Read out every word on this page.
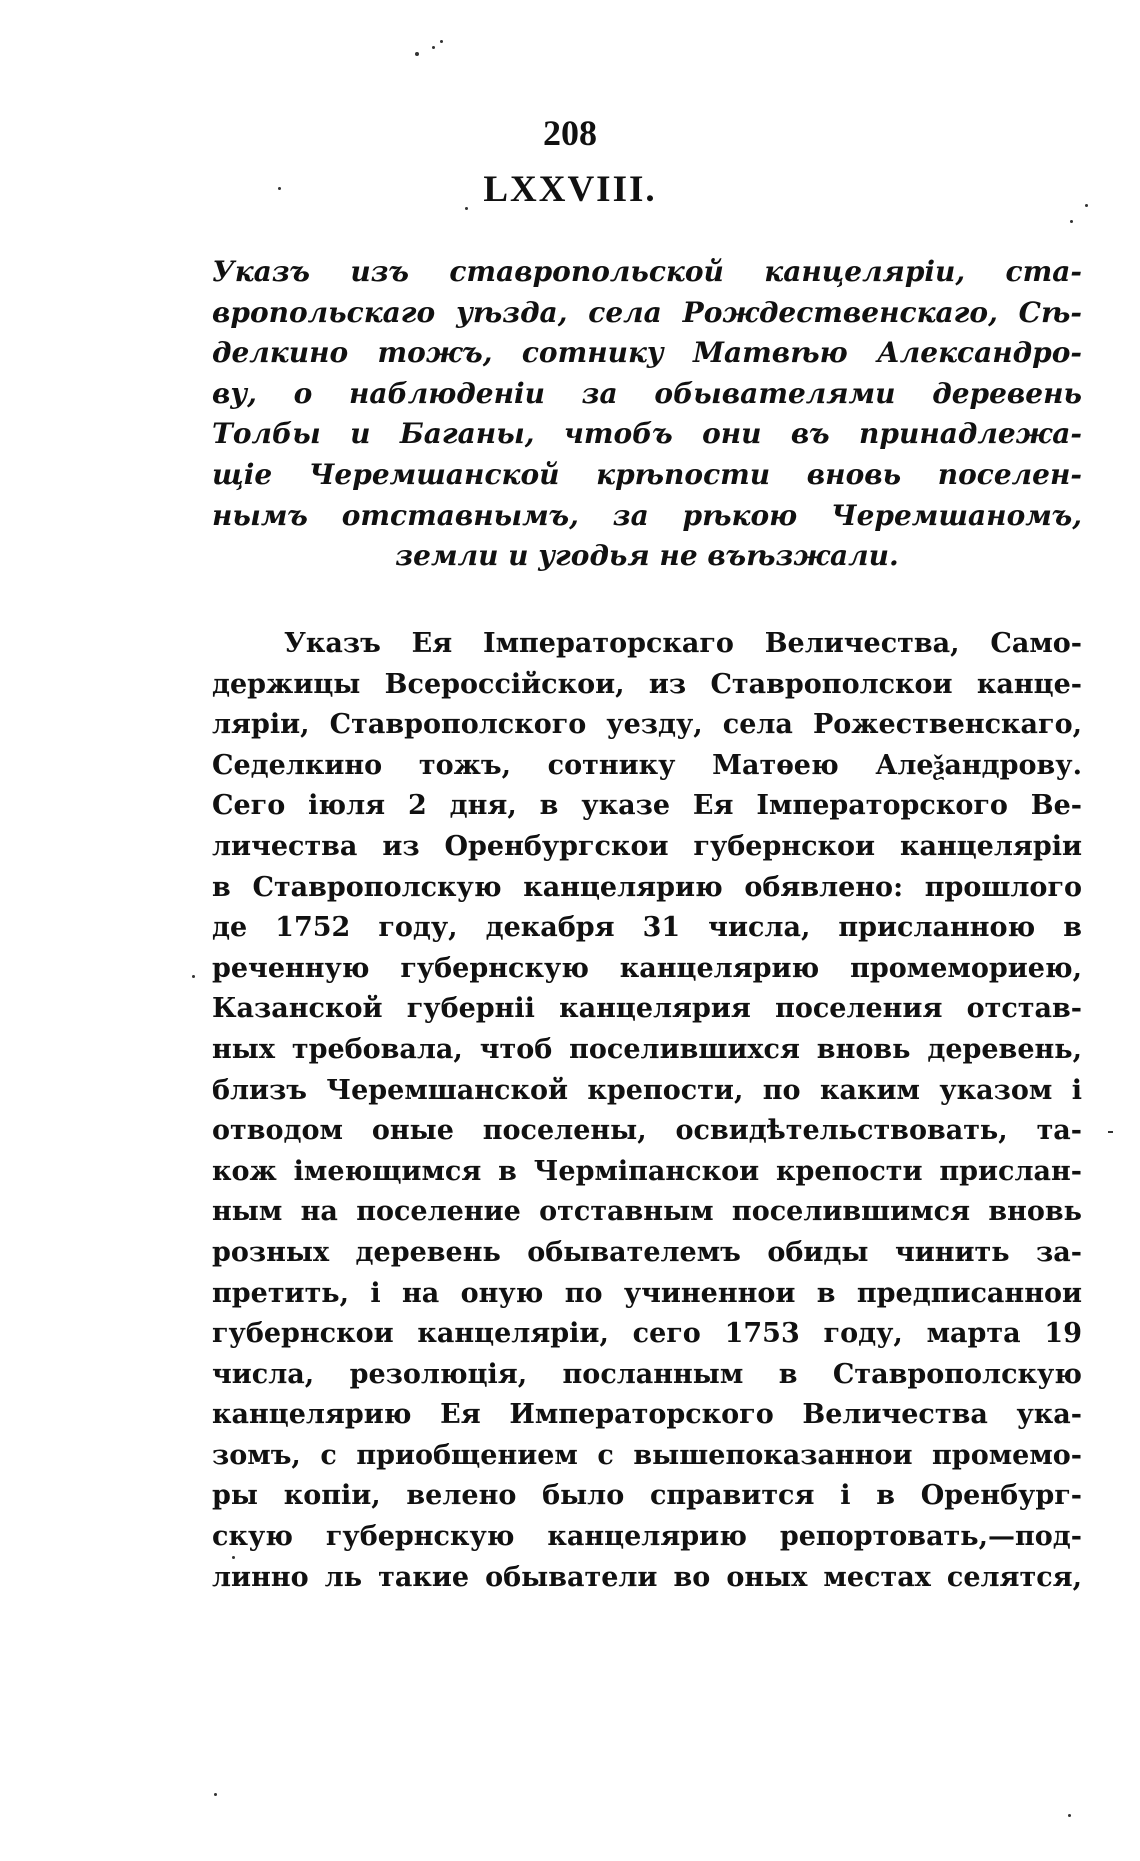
208
LXXVIII.
Указъ изъ ставропольской канцеляріи, ста-
вропольскаго уѣзда, села Рождественскаго, Сѣ-
делкино тожъ, сотнику Матвѣю Александро-
ву, о наблюденіи за обывателями деревень
Толбы и Баганы, чтобъ они въ принадлежа-
щіе Черемшанской крѣпости вновь поселен-
нымъ отставнымъ, за рѣкою Черемшаномъ,
земли и угодья не въѣзжали.
Указъ Ея Імператорскаго Величества, Само-
держицы Всероссійскои, из Ставрополскои канце-
ляріи, Ставрополского уезду, села Рожественскаго,
Седелкино тожъ, сотнику Матѳею Алеѯандрову.
Сего іюля 2 дня, в указе Ея Імператорского Ве-
личества из Оренбургскои губернскои канцеляріи
в Ставрополскую канцелярию обявлено: прошлого
де 1752 году, декабря 31 числа, присланною в
реченную губернскую канцелярию промемориею,
Казанской губерніі канцелярия поселения отстав-
ных требовала, чтоб поселившихся вновь деревень,
близъ Черемшанской крепости, по каким указом і
отводом оные поселены, освидѣтельствовать, та-
кож імеющимся в Черміпанскои крепости прислан-
ным на поселение отставным поселившимся вновь
розных деревень обывателемъ обиды чинить за-
претить, і на оную по учиненнои в предписаннои
губернскои канцеляріи, сего 1753 году, марта 19
числа, резолюція, посланным в Ставрополскую
канцелярию Ея Императорского Величества ука-
зомъ, с приобщением с вышепоказаннои промемо-
ры копіи, велено было справится і в Оренбург-
скую губернскую канцелярию репортовать,—под-
линно ль такие обыватели во оных местах селятся,
